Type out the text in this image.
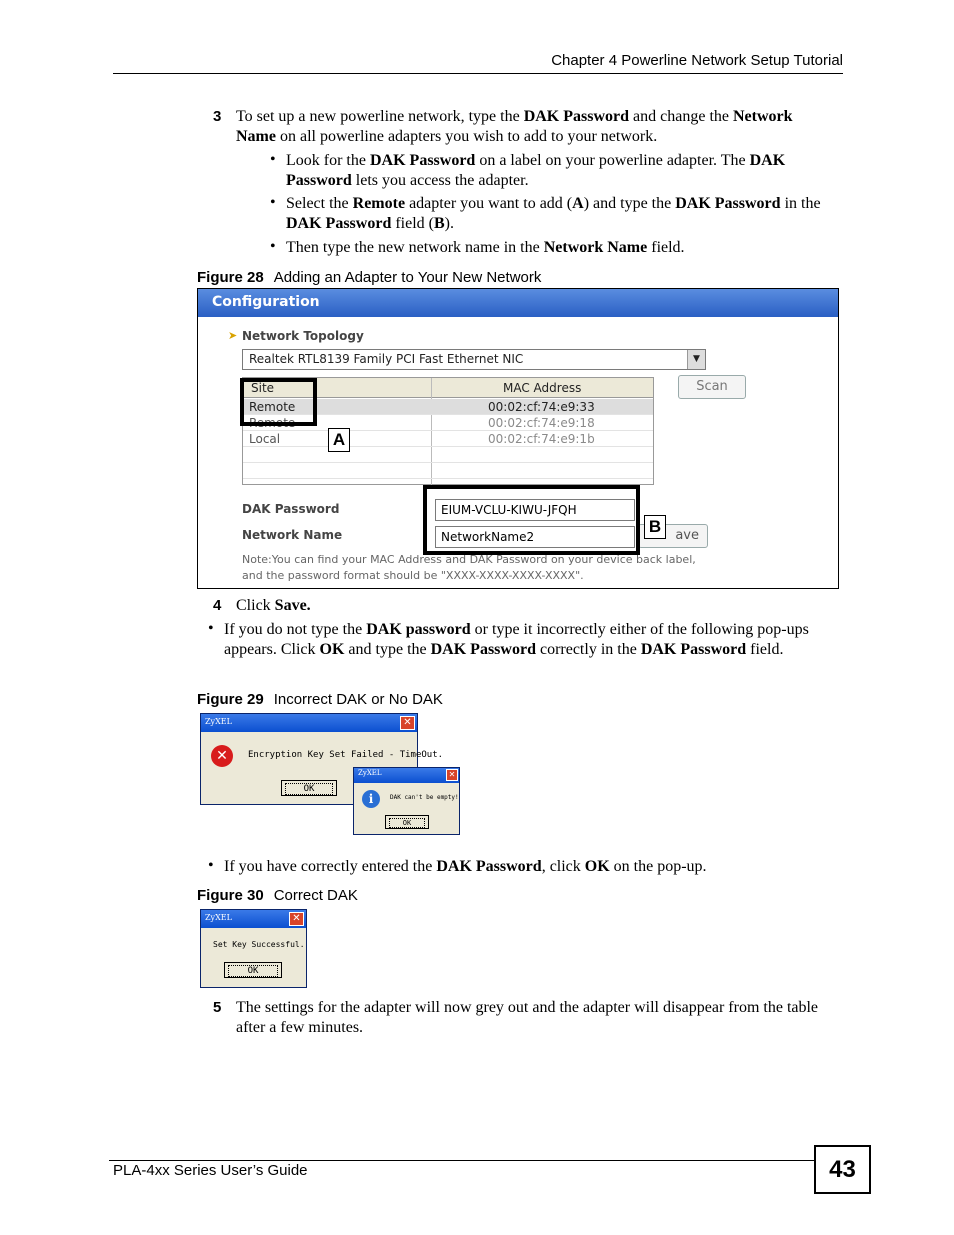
Chapter 4 Powerline Network Setup Tutorial
3 To set up a new powerline network, type the DAK Password and change the Network Name on all powerline adapters you wish to add to your network.
• Look for the DAK Password on a label on your powerline adapter. The DAK Password lets you access the adapter.
• Select the Remote adapter you want to add (A) and type the DAK Password in the DAK Password field (B).
• Then type the new network name in the Network Name field.
Figure 28 Adding an Adapter to Your New Network
Configuration
➤ Network Topology
Realtek RTL8139 Family PCI Fast Ethernet NIC	▼
Site	MAC Address
Remote	00:02:cf:74:e9:33
Remote	00:02:cf:74:e9:18
Local	00:02:cf:74:e9:1b
Scan
DAK Password
Network Name
EIUM-VCLU-KIWU-JFQH
NetworkName2	ave
Note:You can find your MAC Address and DAK Password on your device back label,
and the password format should be "XXXX-XXXX-XXXX-XXXX".
A
B
4 Click Save.
• If you do not type the DAK password or type it incorrectly either of the following pop-ups appears. Click OK and type the DAK Password correctly in the DAK Password field.
Figure 29 Incorrect DAK or No DAK
ZyXEL	✕
✕	Encryption Key Set Failed - TimeOut.
OK
ZyXEL	✕
i	DAK can't be empty!
OK
• If you have correctly entered the DAK Password, click OK on the pop-up.
Figure 30 Correct DAK
ZyXEL	✕
Set Key Successful.
OK
5 The settings for the adapter will now grey out and the adapter will disappear from the table after a few minutes.
PLA-4xx Series User’s Guide	43
